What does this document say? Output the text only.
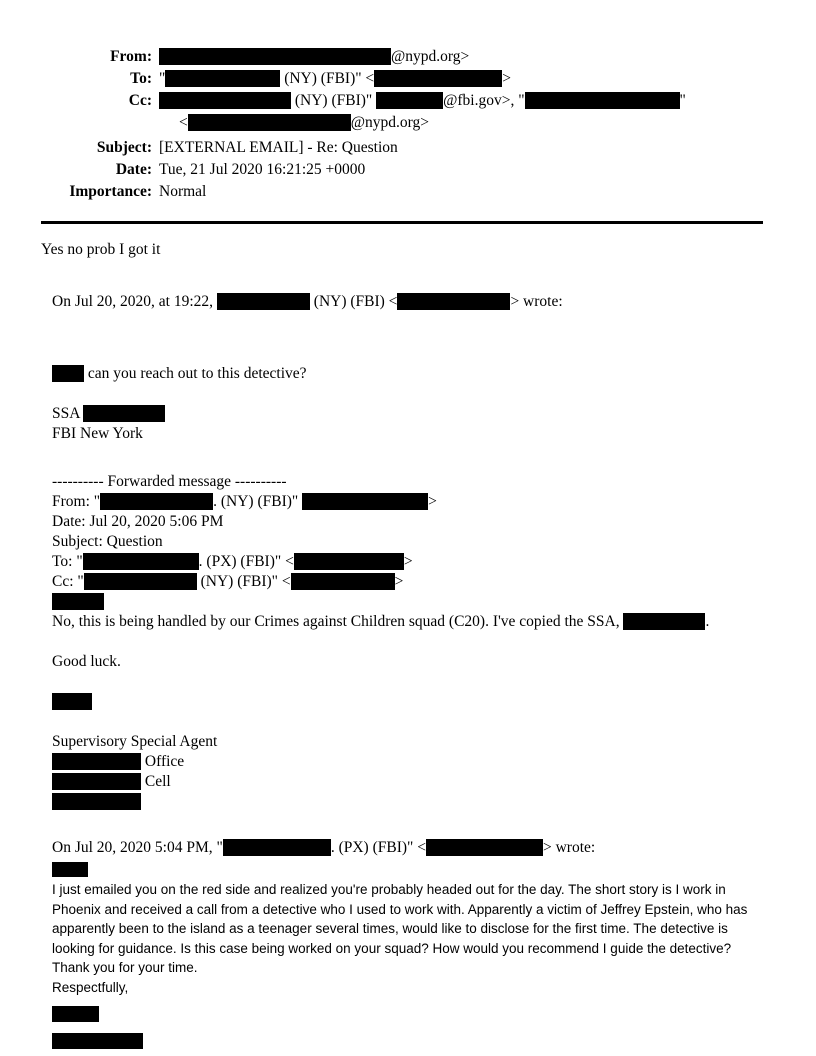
From:	@nypd.org>
To: "	(NY) (FBI)" <	>
Cc:	(NY) (FBI)"	@fbi.gov>, "	"
<	@nypd.org>
Subject: [EXTERNAL EMAIL] - Re: Question
Date: Tue, 21 Jul 2020 16:21:25 +0000
Importance: Normal
Yes no prob I got it
On Jul 20, 2020, at 19:22,	(NY) (FBI) <	> wrote:
can you reach out to this detective?
SSA
FBI New York
---------- Forwarded message ----------
From: "	. (NY) (FBI)"	>
Date: Jul 20, 2020 5:06 PM
Subject: Question
To: "	. (PX) (FBI)" <	>
Cc: "	(NY) (FBI)" <	>
No, this is being handled by our Crimes against Children squad (C20). I've copied the SSA,	.
Good luck.
Supervisory Special Agent
Office
Cell
On Jul 20, 2020 5:04 PM, "	. (PX) (FBI)" <	> wrote:
I just emailed you on the red side and realized you're probably headed out for the day. The short story is I work in Phoenix and received a call from a detective who I used to work with. Apparently a victim of Jeffrey Epstein, who has apparently been to the island as a teenager several times, would like to disclose for the first time. The detective is looking for guidance. Is this case being worked on your squad? How would you recommend I guide the detective? Thank you for your time.
Respectfully,
